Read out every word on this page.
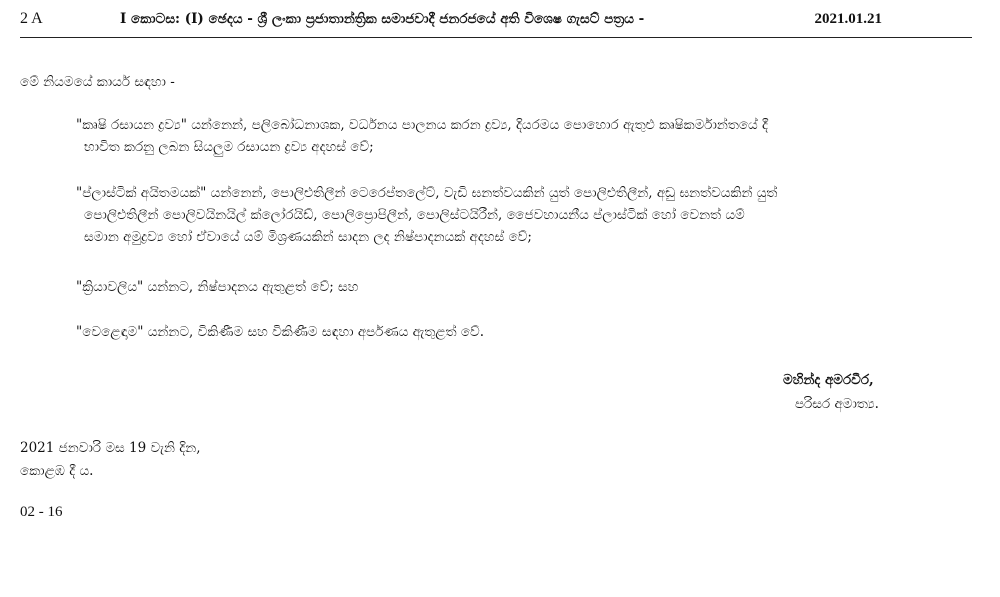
2 A	I කොටස: (I) ඡෙදය - ශ්‍රී ලංකා ප්‍රජාතාන්ත්‍රික සමාජවාදී ජනරජයේ අති විශෙෂ ගැසට් පත්‍රය -	2021.01.21
මේ නියමයේ කාර්ය සඳහා -
"කෘෂි රසායන ද්‍රව්‍ය" යන්නෙන්, පලිබෝධනාශක, වර්ධනය පාලනය කරන ද්‍රව්‍ය, දියරමය පොහොර ඇතුළු කෘෂිකර්මාන්තයේ දී
භාවිත කරනු ලබන සියලුම රසායන ද්‍රව්‍ය අදහස් වේ;
"ප්ලාස්ටික් අයිතමයක්" යන්නෙන්, පොලිඑතිලීන් ටෙරෙප්තලේට්, වැඩි ඝනත්වයකින් යුත් පොලිඑතිලීන්, අඩු ඝනත්වයකින් යුත්
පොලිඑතිලීන් පොලිවයිනයිල් ක්ලෝරයිඩ්, පොලිප්‍රොපිලීන්, පොලිස්ටයිරීන්, ජෛවහායනීය ප්ලාස්ටික් හෝ වෙනත් යම්
සමාන අමුද්‍රව්‍ය හෝ ඒවායේ යම් මිශ්‍රණයකින් සාදන ලද නිෂ්පාදනයක් අදහස් වේ;
"ක්‍රියාවලිය" යන්නට, නිෂ්පාදනය ඇතුළත් වේ; සහ
"වෙළෙඳාම" යන්නට, විකිණීම සහ විකිණීම සඳහා අර්පණය ඇතුළත් වේ.
මහින්ද අමරවීර,
පරිසර අමාත්‍ය.
2021 ජනවාරි මස 19 වැනි දින,
කොළඹ දී ය.
02 - 16
